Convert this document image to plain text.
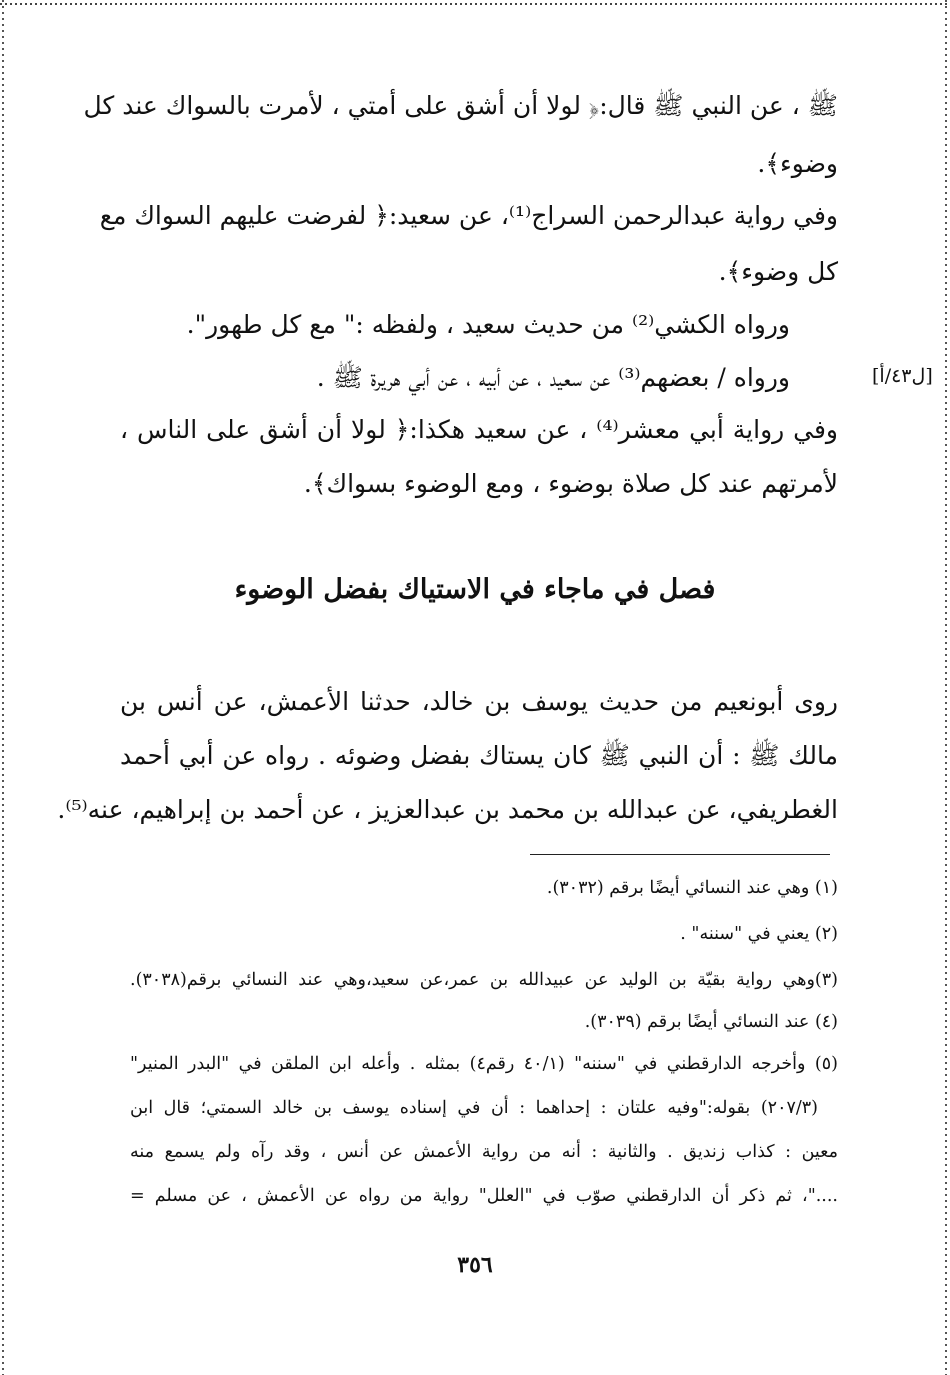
ﷺ ، عن النبي ﷺ قال:﴿ لولا أن أشق على أمتي ، لأمرت بالسواك عند كل
وضوء﴾.
وفي رواية عبدالرحمن السراج⁽¹⁾، عن سعيد:﴿ لفرضت عليهم السواك مع
كل وضوء﴾.
ورواه الكشي⁽²⁾ من حديث سعيد ، ولفظه :" مع كل طهور".
ورواه / بعضهم⁽³⁾ عن سعيد ، عن أبيه ، عن أبي هريرة ﷺ .	[ل٤٣/أ]
وفي رواية أبي معشر⁽⁴⁾ ، عن سعيد هكذا:﴿ لولا أن أشق على الناس ،
لأمرتهم عند كل صلاة بوضوء ، ومع الوضوء بسواك﴾.
فصل في ماجاء في الاستياك بفضل الوضوء
روى أبونعيم من حديث يوسف بن خالد، حدثنا الأعمش، عن أنس بن
مالك ﷺ : أن النبي ﷺ كان يستاك بفضل وضوئه . رواه عن أبي أحمد
الغطريفي، عن عبدالله بن محمد بن عبدالعزيز ، عن أحمد بن إبراهيم، عنه⁽⁵⁾.
(١) وهي عند النسائي أيضًا برقم (٣٠٣٢).
(٢) يعني في "سننه" .
(٣)وهي رواية بقيّة بن الوليد عن عبيدالله بن عمر،عن سعيد،وهي عند النسائي برقم(٣٠٣٨).
(٤) عند النسائي أيضًا برقم (٣٠٣٩).
(٥) وأخرجه الدارقطني في "سننه" (٤٠/١ رقم٤) بمثله . وأعله ابن الملقن في "البدر المنير"
(٢٠٧/٣) بقوله:"وفيه علتان : إحداهما : أن في إسناده يوسف بن خالد السمتي؛ قال ابن
معين : كذاب زنديق . والثانية : أنه من رواية الأعمش عن أنس ، وقد رآه ولم يسمع منه
...."، ثم ذكر أن الدارقطني صوّب في "العلل" رواية من رواه عن الأعمش ، عن مسلم =
٣٥٦
